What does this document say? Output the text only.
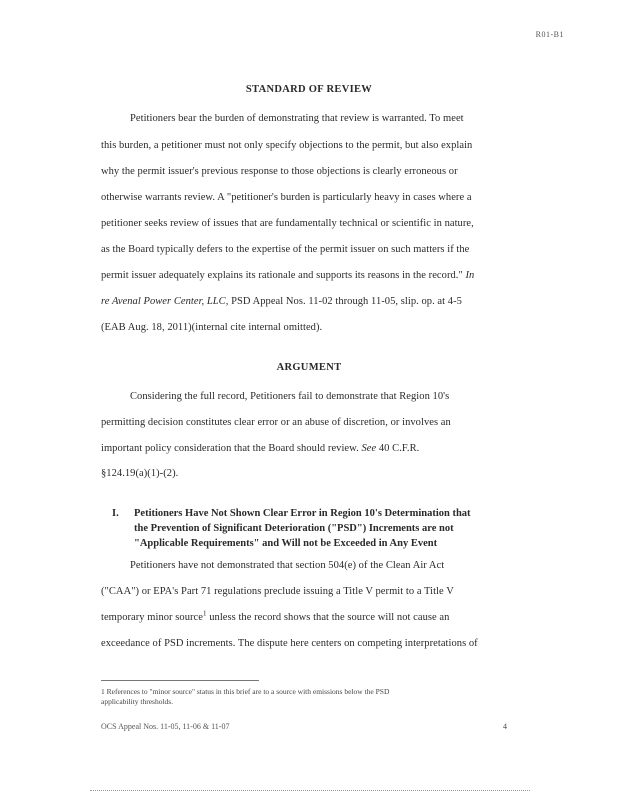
R01-B1
STANDARD OF REVIEW
Petitioners bear the burden of demonstrating that review is warranted. To meet
this burden, a petitioner must not only specify objections to the permit, but also explain
why the permit issuer's previous response to those objections is clearly erroneous or
otherwise warrants review. A "petitioner's burden is particularly heavy in cases where a
petitioner seeks review of issues that are fundamentally technical or scientific in nature,
as the Board typically defers to the expertise of the permit issuer on such matters if the
permit issuer adequately explains its rationale and supports its reasons in the record." In
re Avenal Power Center, LLC, PSD Appeal Nos. 11-02 through 11-05, slip. op. at 4-5
(EAB Aug. 18, 2011)(internal cite internal omitted).
ARGUMENT
Considering the full record, Petitioners fail to demonstrate that Region 10's
permitting decision constitutes clear error or an abuse of discretion, or involves an
important policy consideration that the Board should review. See 40 C.F.R.
§124.19(a)(1)-(2).
I. Petitioners Have Not Shown Clear Error in Region 10's Determination that
the Prevention of Significant Deterioration ("PSD") Increments are not
"Applicable Requirements" and Will not be Exceeded in Any Event
Petitioners have not demonstrated that section 504(e) of the Clean Air Act
("CAA") or EPA's Part 71 regulations preclude issuing a Title V permit to a Title V
temporary minor source$^1$ unless the record shows that the source will not cause an
exceedance of PSD increments. The dispute here centers on competing interpretations of
1 References to "minor source" status in this brief are to a source with emissions below the PSD
applicability thresholds.
OCS Appeal Nos. 11-05, 11-06 & 11-07	4
